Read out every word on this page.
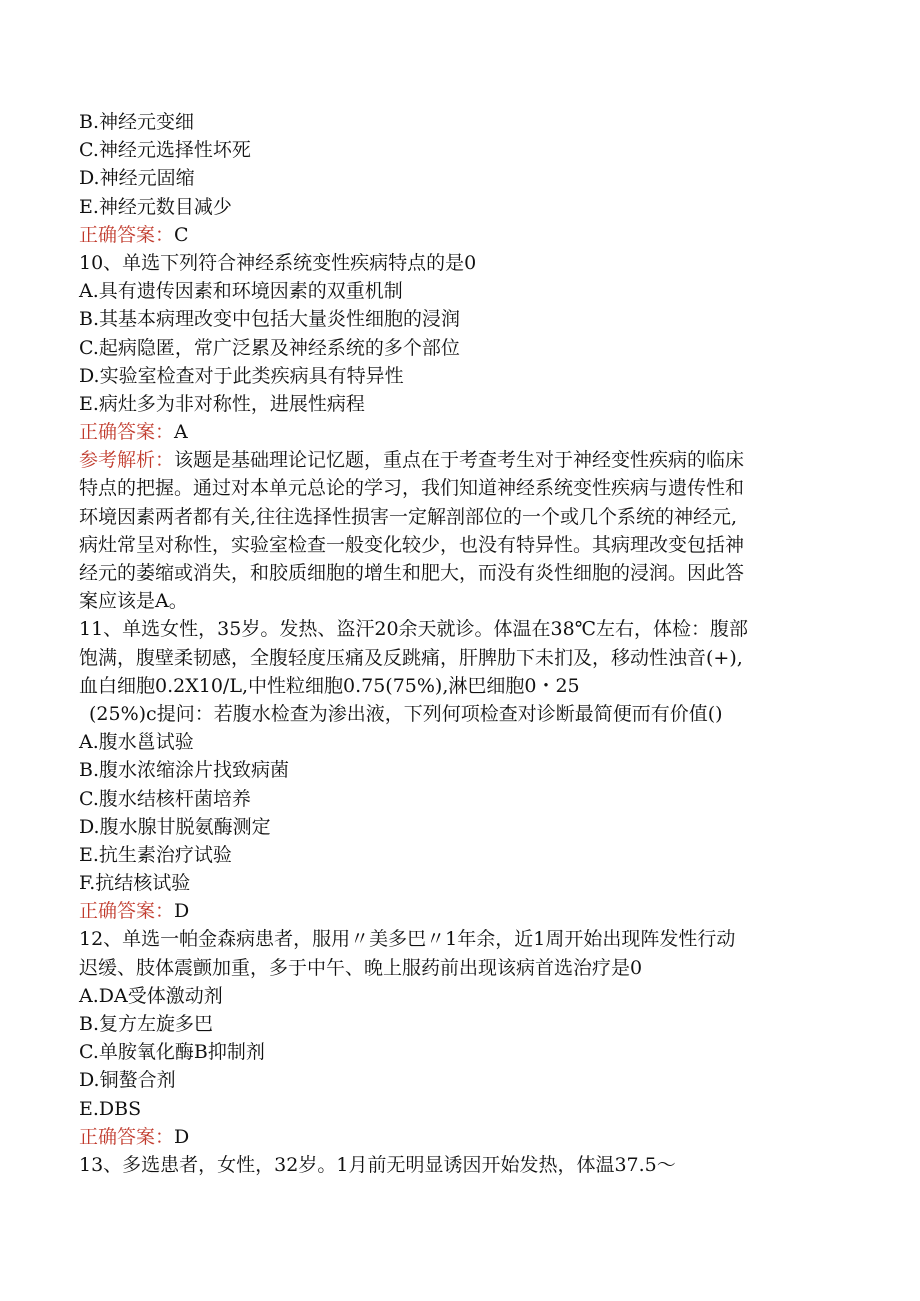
B.神经元变细
C.神经元选择性坏死
D.神经元固缩
E.神经元数目减少
正确答案：C
10、单选下列符合神经系统变性疾病特点的是0
A.具有遗传因素和环境因素的双重机制
B.其基本病理改变中包括大量炎性细胞的浸润
C.起病隐匿，常广泛累及神经系统的多个部位
D.实验室检查对于此类疾病具有特异性
E.病灶多为非对称性，进展性病程
正确答案：A
参考解析：该题是基础理论记忆题，重点在于考查考生对于神经变性疾病的临床
特点的把握。通过对本单元总论的学习，我们知道神经系统变性疾病与遗传性和
环境因素两者都有关,往往选择性损害一定解剖部位的一个或几个系统的神经元,
病灶常呈对称性，实验室检查一般变化较少，也没有特异性。其病理改变包括神
经元的萎缩或消失，和胶质细胞的增生和肥大，而没有炎性细胞的浸润。因此答
案应该是A。
11、单选女性，35岁。发热、盗汗20余天就诊。体温在38℃左右，体检：腹部
饱满，腹壁柔韧感，全腹轻度压痛及反跳痛，肝脾肋下未扪及，移动性浊音(+),
血白细胞0.2X10/L,中性粒细胞0.75(75%),淋巴细胞0・25
(25%)c提问：若腹水检查为渗出液，下列何项检查对诊断最简便而有价值()
A.腹水邕试验
B.腹水浓缩涂片找致病菌
C.腹水结核杆菌培养
D.腹水腺甘脱氨酶测定
E.抗生素治疗试验
F.抗结核试验
正确答案：D
12、单选一帕金森病患者，服用〃美多巴〃1年余，近1周开始出现阵发性行动
迟缓、肢体震颤加重，多于中午、晚上服药前出现该病首选治疗是0
A.DA受体激动剂
B.复方左旋多巴
C.单胺氧化酶B抑制剂
D.铜螯合剂
E.DBS
正确答案：D
13、多选患者，女性，32岁。1月前无明显诱因开始发热，体温37.5～
